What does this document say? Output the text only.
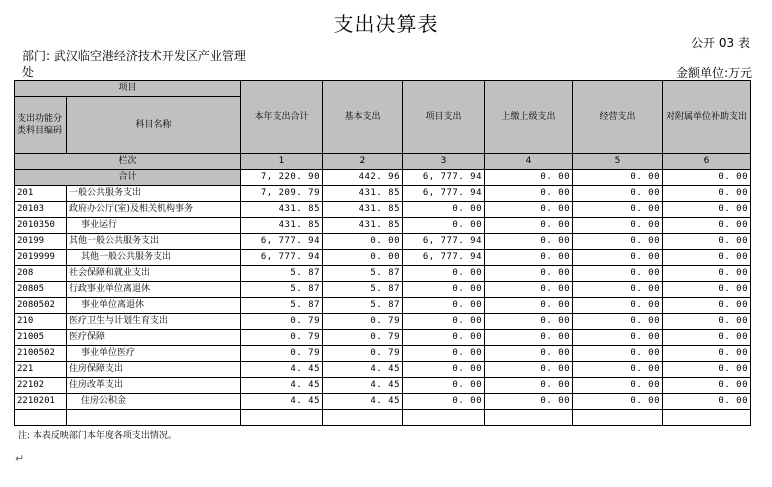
支出决算表
公开 03 表
部门: 武汉临空港经济技术开发区产业管理处	金额单位:万元
项目		本年支出合计	基本支出	项目支出	上缴上级支出	经营支出	对附属单位补助支出
支出功能分类科目编码	科目名称						
栏次		1	2	3	4	5	6
合计		7, 220. 90	442. 96	6, 777. 94	0. 00	0. 00	0. 00
201	一般公共服务支出	7, 209. 79	431. 85	6, 777. 94	0. 00	0. 00	0. 00
20103	政府办公厅(室)及相关机构事务	431. 85	431. 85	0. 00	0. 00	0. 00	0. 00
2010350	事业运行	431. 85	431. 85	0. 00	0. 00	0. 00	0. 00
20199	其他一般公共服务支出	6, 777. 94	0. 00	6, 777. 94	0. 00	0. 00	0. 00
2019999	其他一般公共服务支出	6, 777. 94	0. 00	6, 777. 94	0. 00	0. 00	0. 00
208	社会保障和就业支出	5. 87	5. 87	0. 00	0. 00	0. 00	0. 00
20805	行政事业单位离退休	5. 87	5. 87	0. 00	0. 00	0. 00	0. 00
2080502	事业单位离退休	5. 87	5. 87	0. 00	0. 00	0. 00	0. 00
210	医疗卫生与计划生育支出	0. 79	0. 79	0. 00	0. 00	0. 00	0. 00
21005	医疗保障	0. 79	0. 79	0. 00	0. 00	0. 00	0. 00
2100502	事业单位医疗	0. 79	0. 79	0. 00	0. 00	0. 00	0. 00
221	住房保障支出	4. 45	4. 45	0. 00	0. 00	0. 00	0. 00
22102	住房改革支出	4. 45	4. 45	0. 00	0. 00	0. 00	0. 00
2210201	住房公积金	4. 45	4. 45	0. 00	0. 00	0. 00	0. 00

注: 本表反映部门本年度各项支出情况。
↵
